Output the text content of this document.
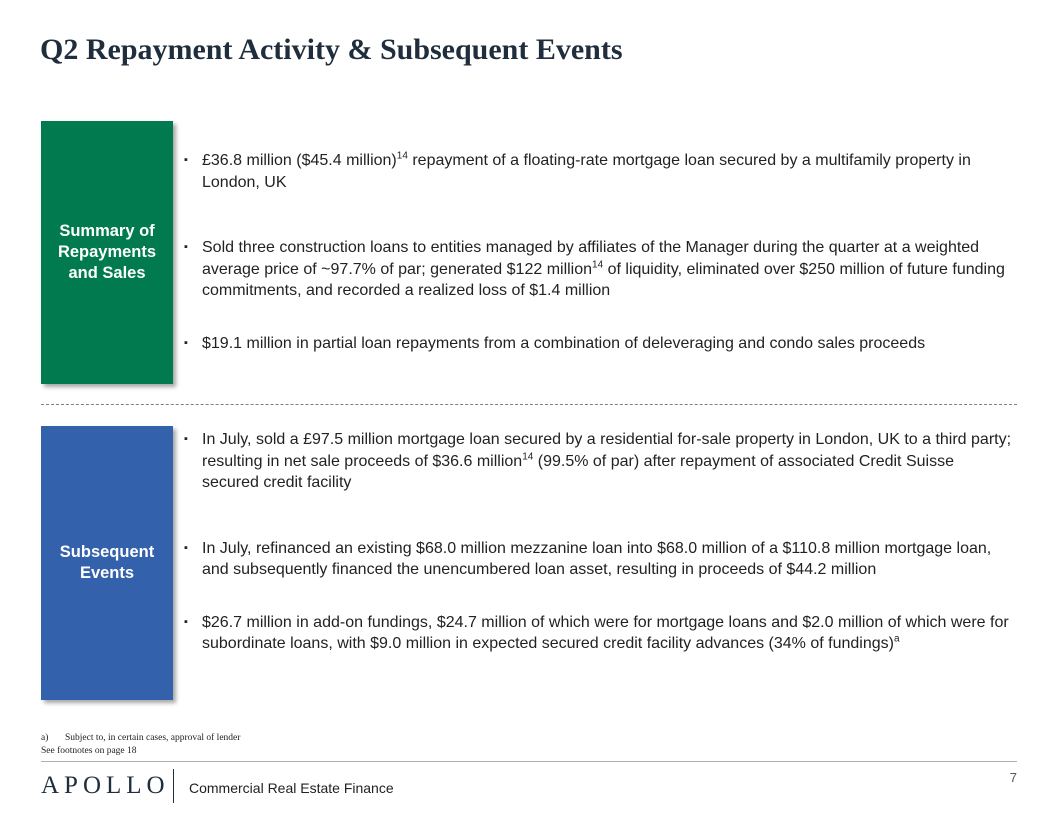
Q2 Repayment Activity & Subsequent Events
Summary of
Repayments
and Sales
▪ £36.8 million ($45.4 million)$^{14}$ repayment of a floating-rate mortgage loan secured by a multifamily property in London, UK
▪ Sold three construction loans to entities managed by affiliates of the Manager during the quarter at a weighted average price of ~97.7% of par; generated $122 million$^{14}$ of liquidity, eliminated over $250 million of future funding commitments, and recorded a realized loss of $1.4 million
▪ $19.1 million in partial loan repayments from a combination of deleveraging and condo sales proceeds
Subsequent
Events
▪ In July, sold a £97.5 million mortgage loan secured by a residential for-sale property in London, UK to a third party; resulting in net sale proceeds of $36.6 million$^{14}$ (99.5% of par) after repayment of associated Credit Suisse secured credit facility
▪ In July, refinanced an existing $68.0 million mezzanine loan into $68.0 million of a $110.8 million mortgage loan, and subsequently financed the unencumbered loan asset, resulting in proceeds of $44.2 million
▪ $26.7 million in add-on fundings, $24.7 million of which were for mortgage loans and $2.0 million of which were for subordinate loans, with $9.0 million in expected secured credit facility advances (34% of fundings)$^a$
a) Subject to, in certain cases, approval of lender
See footnotes on page 18
APOLLO Commercial Real Estate Finance
7
